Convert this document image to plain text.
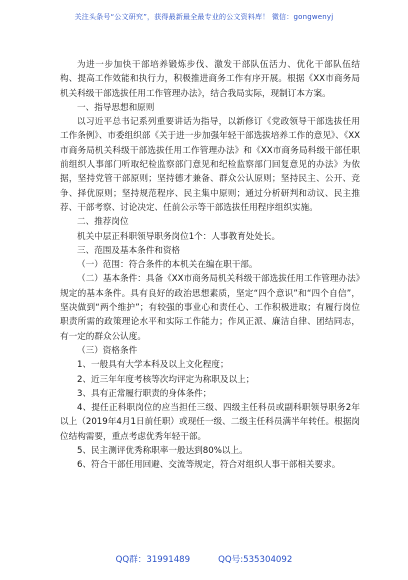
关注头条号“公文研究”，获得最新最全最专业的公文资料库！ 微信：gongwenyj

为进一步加快干部培养锻炼步伐、激发干部队伍活力、优化干部队伍结构、提高工作效能和执行力，积极推进商务工作有序开展。根据《XX市商务局机关科级干部选拔任用工作管理办法》，结合我局实际，现制订本方案。

一、指导思想和原则

以习近平总书记系列重要讲话为指导，以新修订《党政领导干部选拔任用工作条例》、市委组织部《关于进一步加强年轻干部选拔培养工作的意见》、《XX市商务局机关科级干部选拔任用工作管理办法》和《XX市商务局科级干部任职前组织人事部门听取纪检监察部门意见和纪检监察部门回复意见的办法》为依据，坚持党管干部原则；坚持德才兼备、群众公认原则；坚持民主、公开、竞争、择优原则；坚持规范程序、民主集中原则；通过分析研判和动议、民主推荐、干部考察、讨论决定、任前公示等干部选拔任用程序组织实施。

二、推荐岗位

机关中层正科职领导职务岗位1个：人事教育处处长。

三、范围及基本条件和资格

（一）范围：符合条件的本机关在编在职干部。

（二）基本条件：具备《XX市商务局机关科级干部选拔任用工作管理办法》规定的基本条件。具有良好的政治思想素质，坚定“四个意识”和“四个自信”，坚决做到“两个维护”；有较强的事业心和责任心、工作积极进取；有履行岗位职责所需的政策理论水平和实际工作能力；作风正派、廉洁自律、团结同志，有一定的群众公认度。

（三）资格条件

1、一般具有大学本科及以上文化程度；

2、近三年年度考核等次均评定为称职及以上；

3、具有正常履行职责的身体条件；

4、提任正科职岗位的应当担任三级、四级主任科员或副科职领导职务2年以上（2019年4月1日前任职）或现任一级、二级主任科员满半年转任。根据岗位结构需要，重点考虑优秀年轻干部。

5、民主测评优秀称职率一般达到80%以上。

6、符合干部任用回避、交流等规定，符合对组织人事干部相关要求。

QQ群：31991489	QQ号:535304092
